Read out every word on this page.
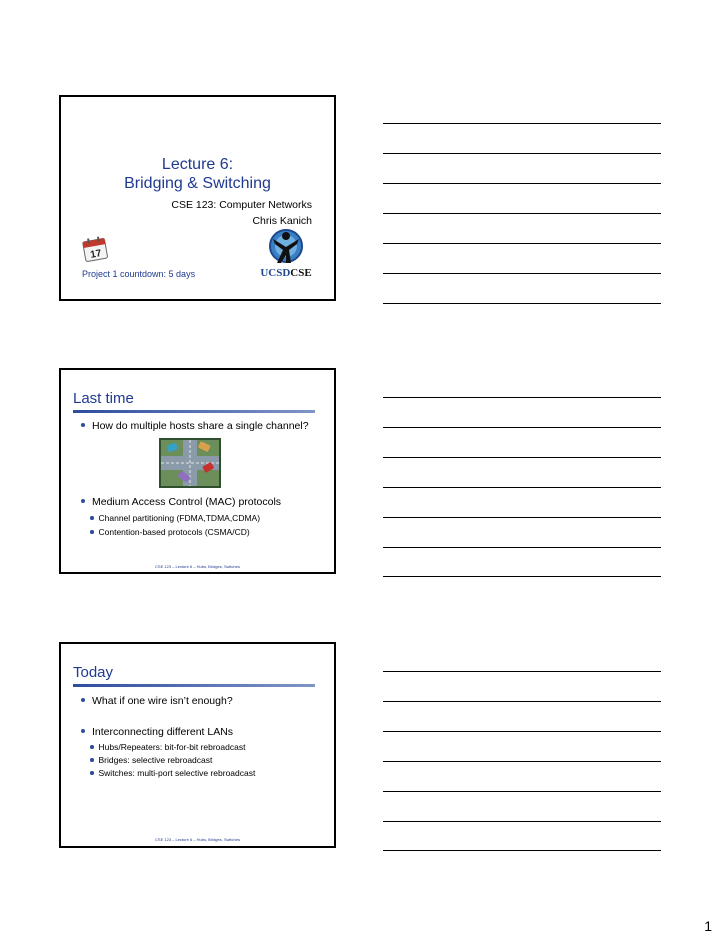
Lecture 6:
Bridging & Switching
CSE 123: Computer Networks
Chris Kanich
17
Project 1 countdown: 5 days	UCSDCSE
Last time
How do multiple hosts share a single channel?
Medium Access Control (MAC) protocols
Channel partitioning (FDMA,TDMA,CDMA)
Contention-based protocols (CSMA/CD)
CSE 123 – Lecture 6 – Hubs, Bridges, Switches
Today
What if one wire isn’t enough?
Interconnecting different LANs
Hubs/Repeaters: bit-for-bit rebroadcast
Bridges: selective rebroadcast
Switches: multi-port selective rebroadcast
CSE 123 – Lecture 6 – Hubs, Bridges, Switches
1
